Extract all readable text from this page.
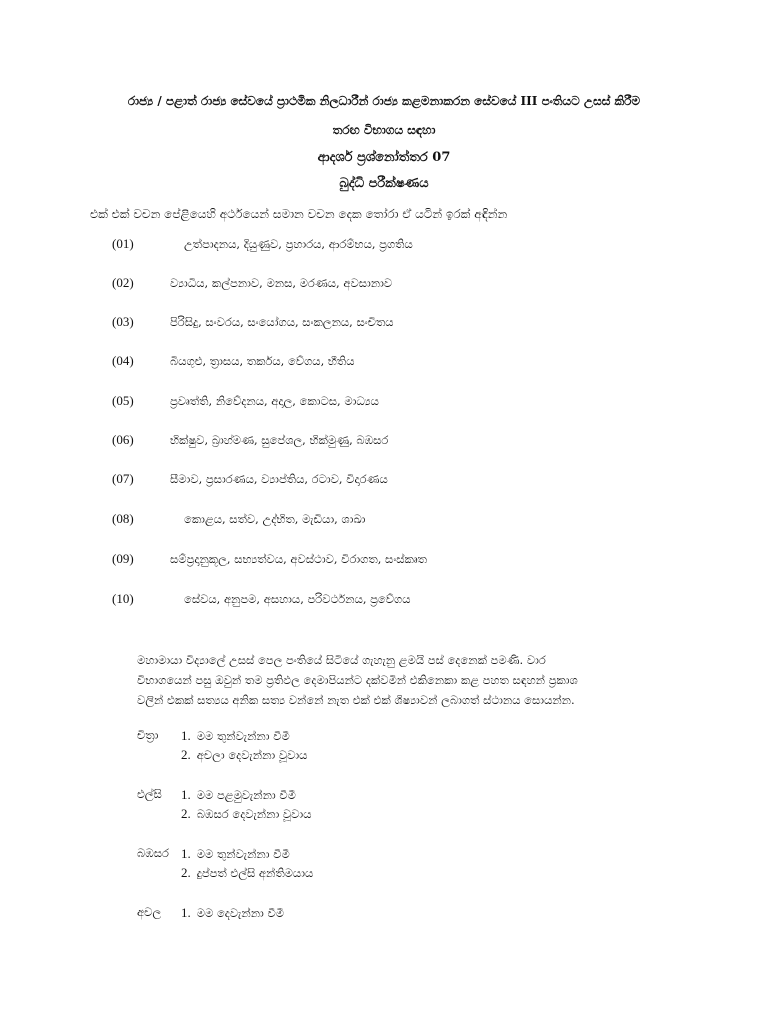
රාජ්‍ය / පළාත් රාජ්‍ය සේවයේ ප්‍රාථමික නිලධාරීන් රාජ්‍ය කළමනාකරන සේවයේ III පංතියට උසස් කිරීම
තරඟ විභාගය සඳහා
ආදර්ශ ප්‍රශ්නෝත්තර 07
බුද්ධි පරීක්ෂණය
එක් එක් වචන පේළියෙහි අර්ථයෙන් සමාන වචන දෙක තෝරා ඒ යටින් ඉරක් අඳින්න
(01)	උත්පාදනය, දියුණුව, ප්‍රහාරය, ආරම්භය, ප්‍රගතිය
(02)	ව්‍යාධිය, කල්පනාව, මනස, මරණය, අවසානාව
(03)	පිරිසිදු, සංවරය, සංයෝගය, සංකලනය, සංචිතය
(04)	බියගුළු, ත්‍රාසය, තර්කය, වේගය, භීතිය
(05)	ප්‍රවෘත්ති, නිවේදනය, අදාල, කොටස, මාධ්‍යය
(06)	භික්ෂුව, බ්‍රාහ්මණ, සුපේශල, භික්මුණු, බඹසර
(07)	සීමාව, ප්‍රසාරණය, ව්‍යාප්තිය, රටාව, විදාරණය
(08)	කොළය, සත්ව, උද්භිත, මැඩියා, ශාඛා
(09)	සම්ප්‍රදානුකූල, සභ්‍යත්වය, අවස්ථාව, විරාගත, සංස්කෘත
(10)	සේවය, අනුපම, අසහාය, පරිවර්ථනය, ප්‍රවේගය
මහාමායා විද්‍යාලේ උසස් පෙල පංතියේ සිටියේ ගැහැනු ළමයි පස් දෙනෙක් පමණි. වාර
විභාගයෙන් පසු ඔවුන් තම ප්‍රතිඵල දෙමාපියන්ට දක්වමින් එකිනෙකා කළ පහත සඳහන් ප්‍රකාශ
වලින් එකක් සත්‍යය අනික සත්‍ය වන්නේ නැත එක් එක් ශිෂ්‍යාවන් ලබාගත් ස්ථානය සොයන්න.
චිත්‍රා 1. මම තුන්වැන්නා වීමී
2. අචලා දෙවැන්නා වූවාය
එල්සි 1. මම පළමුවැන්නා වීමී
2. බඹසර දෙවැන්නා වූවාය
බඹසර 1. මම තුන්වැන්නා වීමී
2. දුප්පත් එල්සි අන්තිමයාය
අචල 1. මම දෙවැන්නා වීමී
